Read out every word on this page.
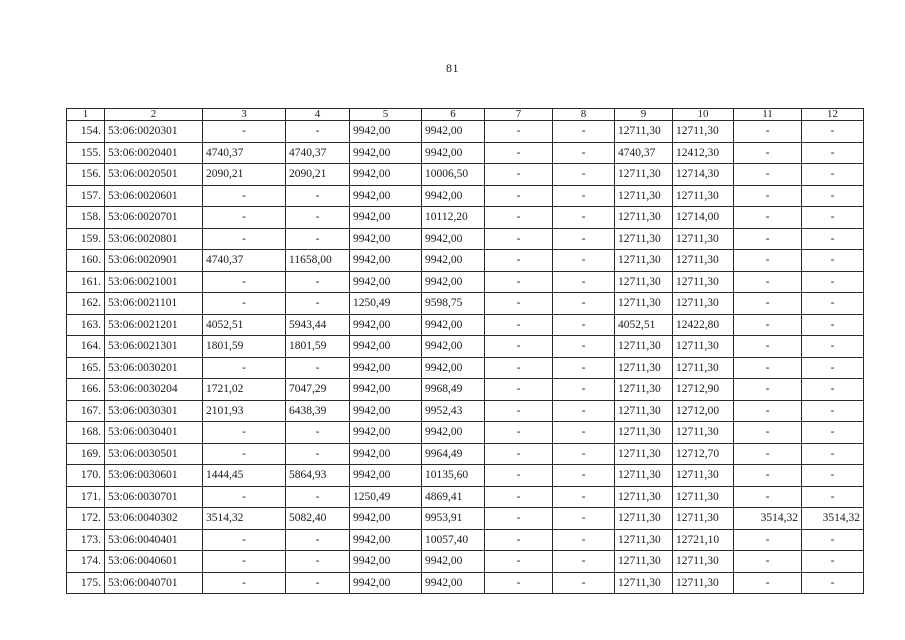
81
1	2	3	4	5	6	7	8	9	10	11	12
154.	53:06:0020301	-	-	9942,00	9942,00	-	-	12711,30	12711,30	-	-
155.	53:06:0020401	4740,37	4740,37	9942,00	9942,00	-	-	4740,37	12412,30	-	-
156.	53:06:0020501	2090,21	2090,21	9942,00	10006,50	-	-	12711,30	12714,30	-	-
157.	53:06:0020601	-	-	9942,00	9942,00	-	-	12711,30	12711,30	-	-
158.	53:06:0020701	-	-	9942,00	10112,20	-	-	12711,30	12714,00	-	-
159.	53:06:0020801	-	-	9942,00	9942,00	-	-	12711,30	12711,30	-	-
160.	53:06:0020901	4740,37	11658,00	9942,00	9942,00	-	-	12711,30	12711,30	-	-
161.	53:06:0021001	-	-	9942,00	9942,00	-	-	12711,30	12711,30	-	-
162.	53:06:0021101	-	-	1250,49	9598,75	-	-	12711,30	12711,30	-	-
163.	53:06:0021201	4052,51	5943,44	9942,00	9942,00	-	-	4052,51	12422,80	-	-
164.	53:06:0021301	1801,59	1801,59	9942,00	9942,00	-	-	12711,30	12711,30	-	-
165.	53:06:0030201	-	-	9942,00	9942,00	-	-	12711,30	12711,30	-	-
166.	53:06:0030204	1721,02	7047,29	9942,00	9968,49	-	-	12711,30	12712,90	-	-
167.	53:06:0030301	2101,93	6438,39	9942,00	9952,43	-	-	12711,30	12712,00	-	-
168.	53:06:0030401	-	-	9942,00	9942,00	-	-	12711,30	12711,30	-	-
169.	53:06:0030501	-	-	9942,00	9964,49	-	-	12711,30	12712,70	-	-
170.	53:06:0030601	1444,45	5864,93	9942,00	10135,60	-	-	12711,30	12711,30	-	-
171.	53:06:0030701	-	-	1250,49	4869,41	-	-	12711,30	12711,30	-	-
172.	53:06:0040302	3514,32	5082,40	9942,00	9953,91	-	-	12711,30	12711,30	3514,32	3514,32
173.	53:06:0040401	-	-	9942,00	10057,40	-	-	12711,30	12721,10	-	-
174.	53:06:0040601	-	-	9942,00	9942,00	-	-	12711,30	12711,30	-	-
175.	53:06:0040701	-	-	9942,00	9942,00	-	-	12711,30	12711,30	-	-
